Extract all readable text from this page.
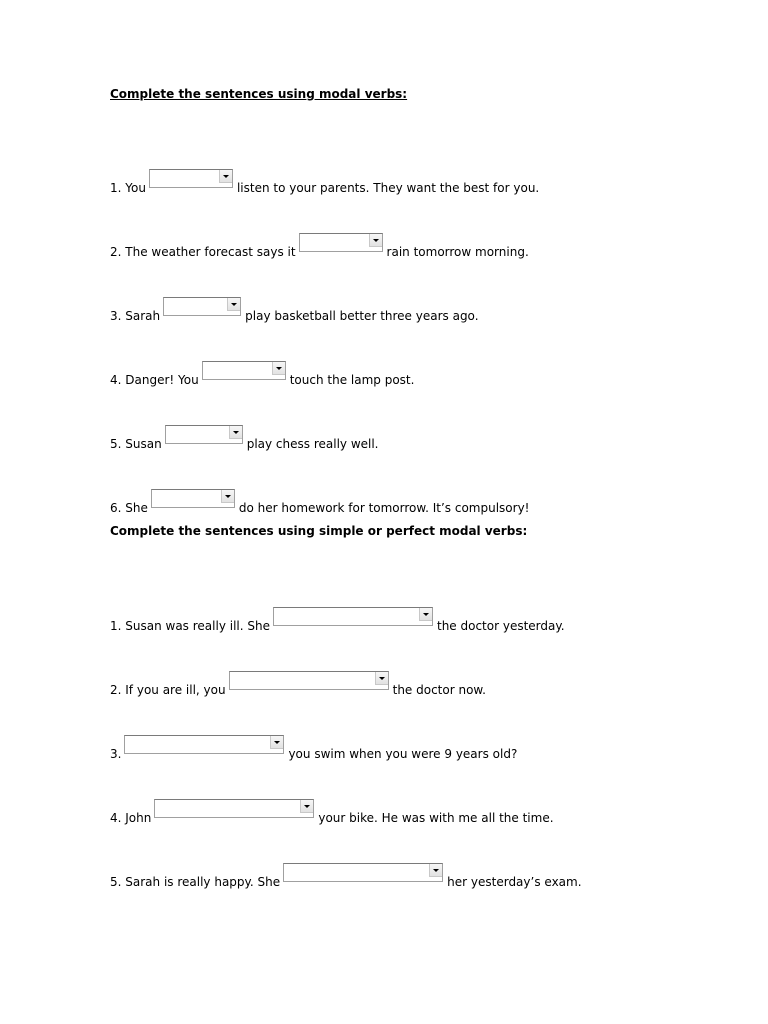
Complete the sentences using modal verbs:
1. You	listen to your parents. They want the best for you.
2. The weather forecast says it	rain tomorrow morning.
3. Sarah	play basketball better three years ago.
4. Danger! You	touch the lamp post.
5. Susan	play chess really well.
6. She	do her homework for tomorrow. It’s compulsory!
Complete the sentences using simple or perfect modal verbs:
1. Susan was really ill. She	the doctor yesterday.
2. If you are ill, you	the doctor now.
3.	you swim when you were 9 years old?
4. John	your bike. He was with me all the time.
5. Sarah is really happy. She	her yesterday’s exam.
